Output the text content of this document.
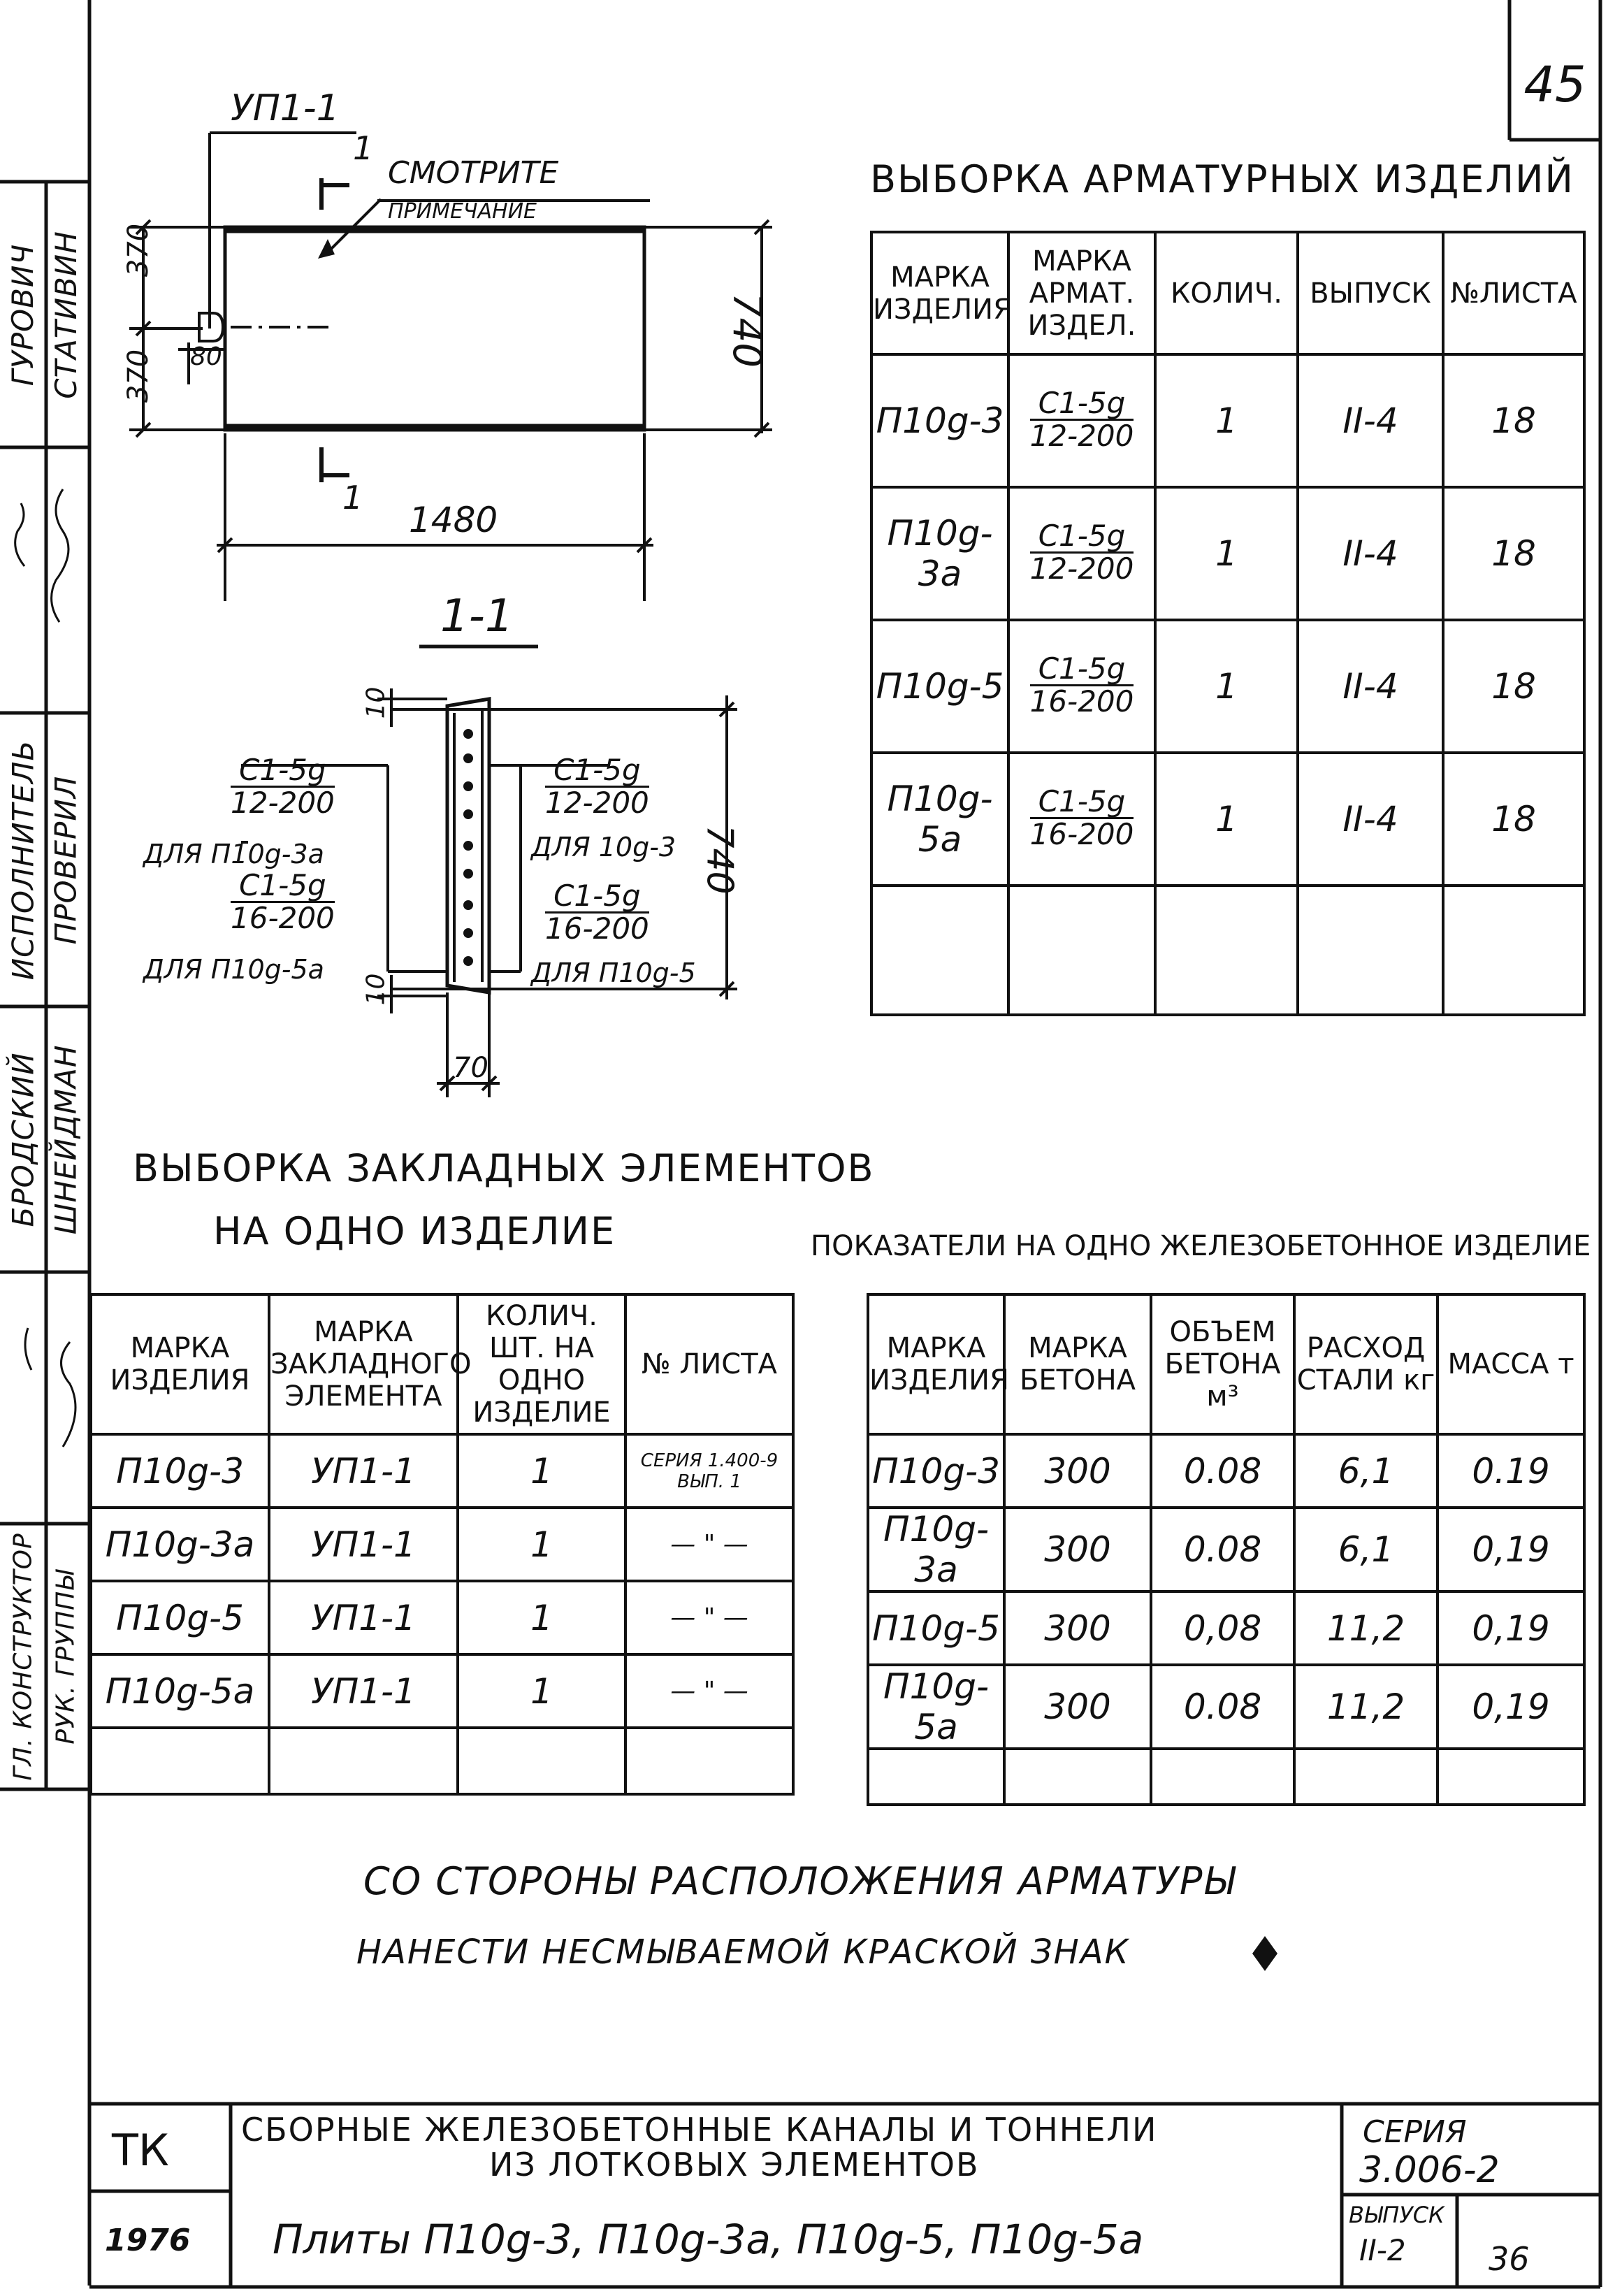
ГУРОВИЧ СТАТИВИН
ИСПОЛНИТЕЛЬ ПРОВЕРИЛ
БРОДСКИЙ ШНЕЙДМАН
ГЛ. КОНСТРУКТОР РУК. ГРУППЫ
45
УП1-1
1
1
СМОТРИТЕ
ПРИМЕЧАНИЕ
370
370 80	740
1480
1-1
10
10
740
70
$\frac{C1-5g}{12-200}$
ДЛЯ П10g-3а
$\frac{C1-5g}{16-200}$
ДЛЯ П10g-5а
$\frac{C1-5g}{12-200}$
ДЛЯ 10g-3
$\frac{C1-5g}{16-200}$
ДЛЯ П10g-5
ВЫБОРКА АРМАТУРНЫХ ИЗДЕЛИЙ
МАРКА ИЗДЕЛИЯ	МАРКА АРМАТ. ИЗДЕЛ.	КОЛИЧ.	ВЫПУСК	№ЛИСТА
П10g-3	$\frac{C1-5g}{12-200}$	1	II-4	18
П10g-3а	$\frac{C1-5g}{12-200}$	1	II-4	18
П10g-5	$\frac{C1-5g}{16-200}$	1	II-4	18
П10g-5а	$\frac{C1-5g}{16-200}$	1	II-4	18

ВЫБОРКА ЗАКЛАДНЫХ ЭЛЕМЕНТОВ
НА ОДНО ИЗДЕЛИЕ
МАРКА ИЗДЕЛИЯ	МАРКА ЗАКЛАДНОГО ЭЛЕМЕНТА	КОЛИЧ. ШТ. НА ОДНО ИЗДЕЛИЕ	№ ЛИСТА
П10g-3	УП1-1	1	СЕРИЯ 1.400-9 ВЫП. 1
П10g-3а	УП1-1	1	— " —
П10g-5	УП1-1	1	— " —
П10g-5а	УП1-1	1	— " —

ПОКАЗАТЕЛИ НА ОДНО ЖЕЛЕЗОБЕТОННОЕ ИЗДЕЛИЕ
МАРКА ИЗДЕЛИЯ	МАРКА БЕТОНА	ОБЪЕМ БЕТОНА м³	РАСХОД СТАЛИ кг	МАССА т
П10g-3	300	0.08	6,1	0.19
П10g-3а	300	0.08	6,1	0,19
П10g-5	300	0,08	11,2	0,19
П10g-5а	300	0.08	11,2	0,19

СО СТОРОНЫ РАСПОЛОЖЕНИЯ АРМАТУРЫ
НАНЕСТИ НЕСМЫВАЕМОЙ КРАСКОЙ ЗНАК
ТК
1976
СБОРНЫЕ ЖЕЛЕЗОБЕТОННЫЕ КАНАЛЫ И ТОННЕЛИ
ИЗ ЛОТКОВЫХ ЭЛЕМЕНТОВ
Плиты П10g-3, П10g-3а, П10g-5, П10g-5а
СЕРИЯ
3.006-2
ВЫПУСК
II-2	36
